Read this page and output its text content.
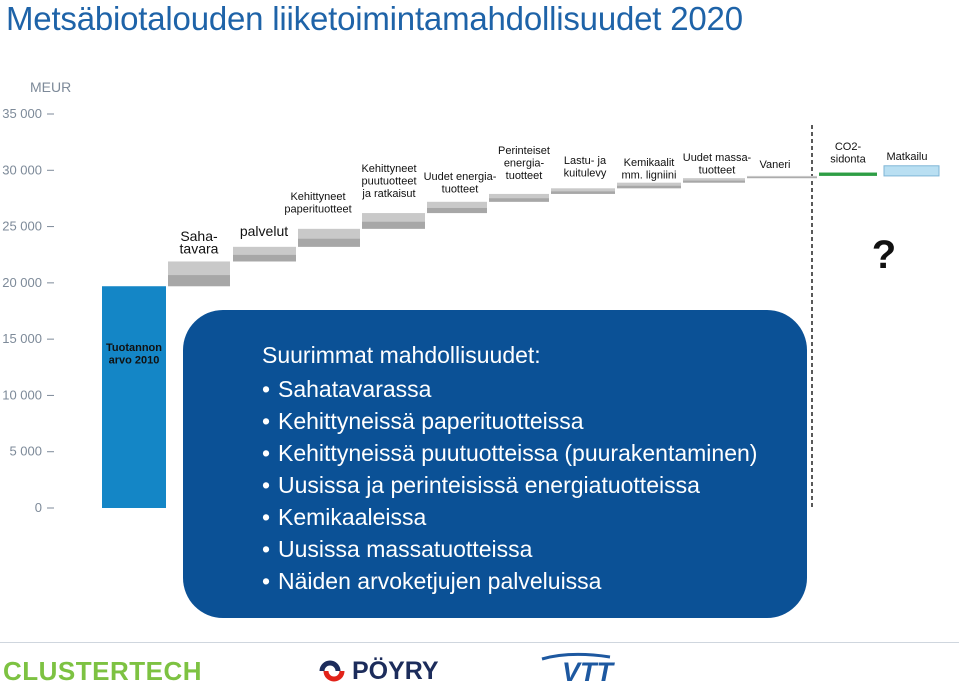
Metsäbiotalouden liiketoimintamahdollisuudet 2020
MEUR
35 000
30 000
25 000
20 000
15 000
10 000
5 000
0
Tuotannon arvo 2010
Saha-tavara
palvelut
Kehittyneet paperituotteet
Kehittyneet puutuotteet ja ratkaisut
Uudet energia-tuotteet
Perinteiset energia-tuotteet
Lastu- ja kuitulevy
Kemikaalit mm. ligniini
Uudet massa-tuotteet	Vaneri
CO2-sidonta Matkailu
?
Suurimmat mahdollisuudet:
• Sahatavarassa
• Kehittyneissä paperituotteissa
• Kehittyneissä puutuotteissa (puurakentaminen)
• Uusissa ja perinteisissä energiatuotteissa
• Kemikaaleissa
• Uusissa massatuotteissa
• Näiden arvoketjujen palveluissa
CLUSTERTECH	PÖYRY	VTT
